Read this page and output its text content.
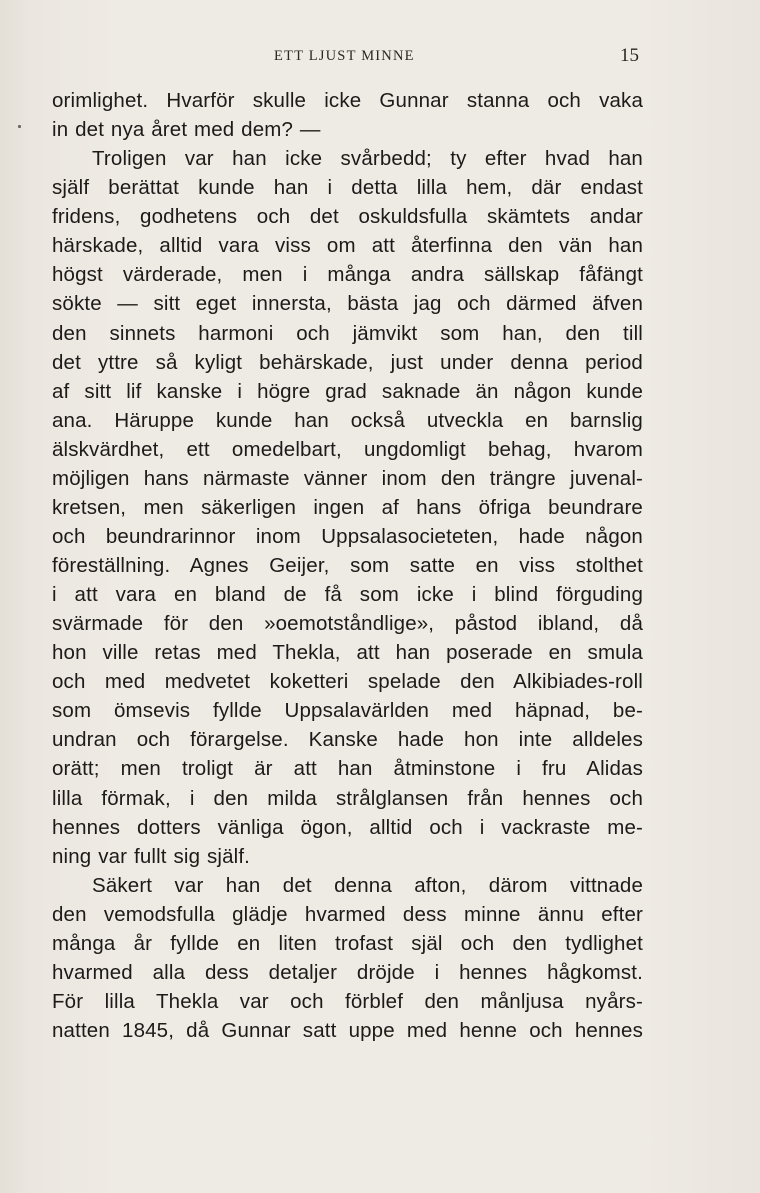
ETT LJUST MINNE	15
orimlighet. Hvarför skulle icke Gunnar stanna och vaka
in det nya året med dem? —
Troligen var han icke svårbedd; ty efter hvad han
själf berättat kunde han i detta lilla hem, där endast
fridens, godhetens och det oskuldsfulla skämtets andar
härskade, alltid vara viss om att återfinna den vän han
högst värderade, men i många andra sällskap fåfängt
sökte — sitt eget innersta, bästa jag och därmed äfven
den sinnets harmoni och jämvikt som han, den till
det yttre så kyligt behärskade, just under denna period
af sitt lif kanske i högre grad saknade än någon kunde
ana. Häruppe kunde han också utveckla en barnslig
älskvärdhet, ett omedelbart, ungdomligt behag, hvarom
möjligen hans närmaste vänner inom den trängre juvenal-
kretsen, men säkerligen ingen af hans öfriga beundrare
och beundrarinnor inom Uppsalasocieteten, hade någon
föreställning. Agnes Geijer, som satte en viss stolthet
i att vara en bland de få som icke i blind förguding
svärmade för den »oemotståndlige», påstod ibland, då
hon ville retas med Thekla, att han poserade en smula
och med medvetet koketteri spelade den Alkibiades-roll
som ömsevis fyllde Uppsalavärlden med häpnad, be-
undran och förargelse. Kanske hade hon inte alldeles
orätt; men troligt är att han åtminstone i fru Alidas
lilla förmak, i den milda strålglansen från hennes och
hennes dotters vänliga ögon, alltid och i vackraste me-
ning var fullt sig själf.
Säkert var han det denna afton, därom vittnade
den vemodsfulla glädje hvarmed dess minne ännu efter
många år fyllde en liten trofast själ och den tydlighet
hvarmed alla dess detaljer dröjde i hennes hågkomst.
För lilla Thekla var och förblef den månljusa nyårs-
natten 1845, då Gunnar satt uppe med henne och hennes
